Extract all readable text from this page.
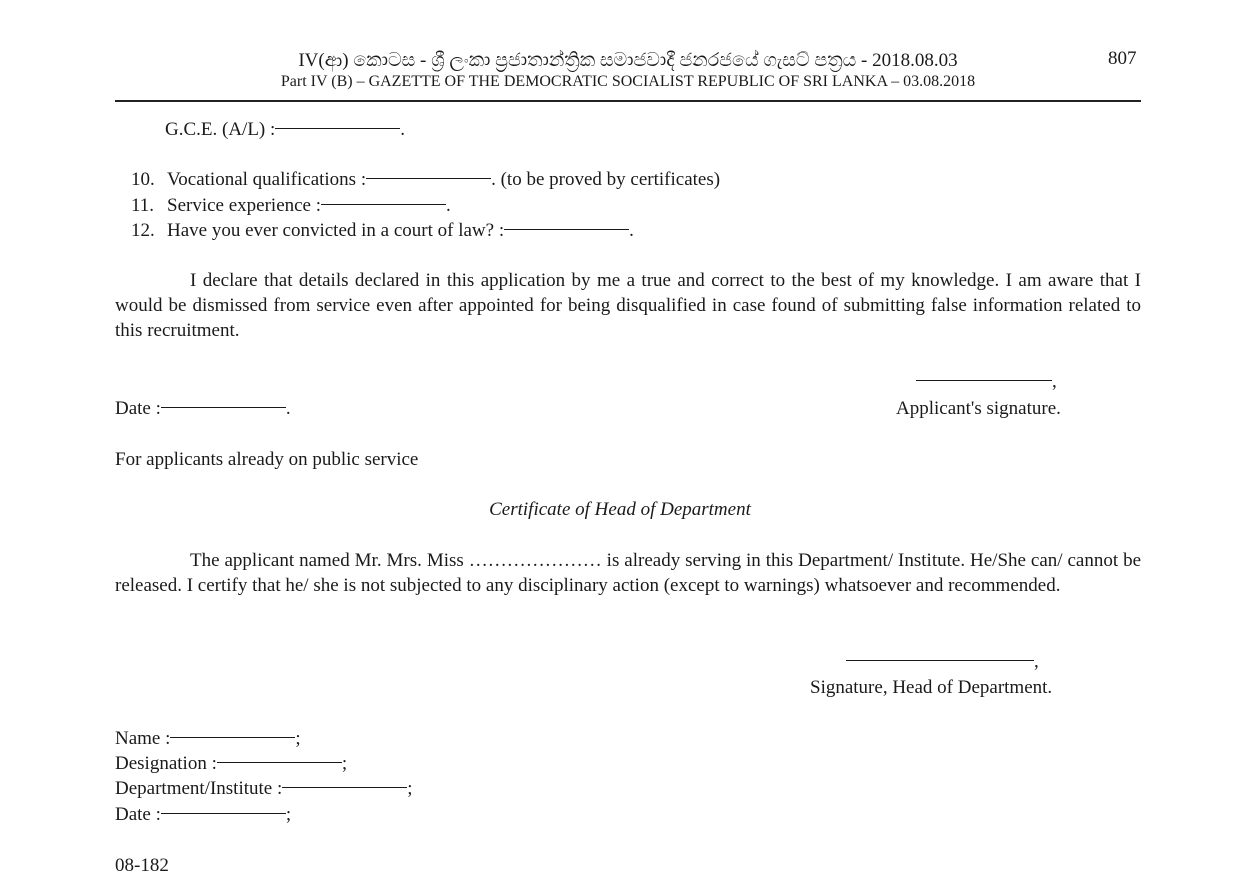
IV(ආ) කොටස - ශ්‍රී ලංකා ප්‍රජාතාන්ත්‍රික සමාජවාදී ජනරජයේ ගැසට් පත්‍රය - 2018.08.03
Part IV (B) – GAZETTE OF THE DEMOCRATIC SOCIALIST REPUBLIC OF SRI LANKA – 03.08.2018
807
G.C.E. (A/L) :	.
10. Vocational qualifications :	. (to be proved by certificates)
11. Service experience :	.
12. Have you ever convicted in a court of law? :	.
I declare that details declared in this application by me a true and correct to the best of my knowledge. I am aware that I would be dismissed from service even after appointed for being disqualified in case found of submitting false information related to this recruitment.
,
Date :	.	Applicant's signature.
For applicants already on public service
Certificate of Head of Department
The applicant named Mr. Mrs. Miss ………………… is already serving in this Department/ Institute. He/She can/ cannot be released. I certify that he/ she is not subjected to any disciplinary action (except to warnings) whatsoever and recommended.
,
Signature, Head of Department.
Name :	;
Designation :	;
Department/Institute :	;
Date :	;
08-182
